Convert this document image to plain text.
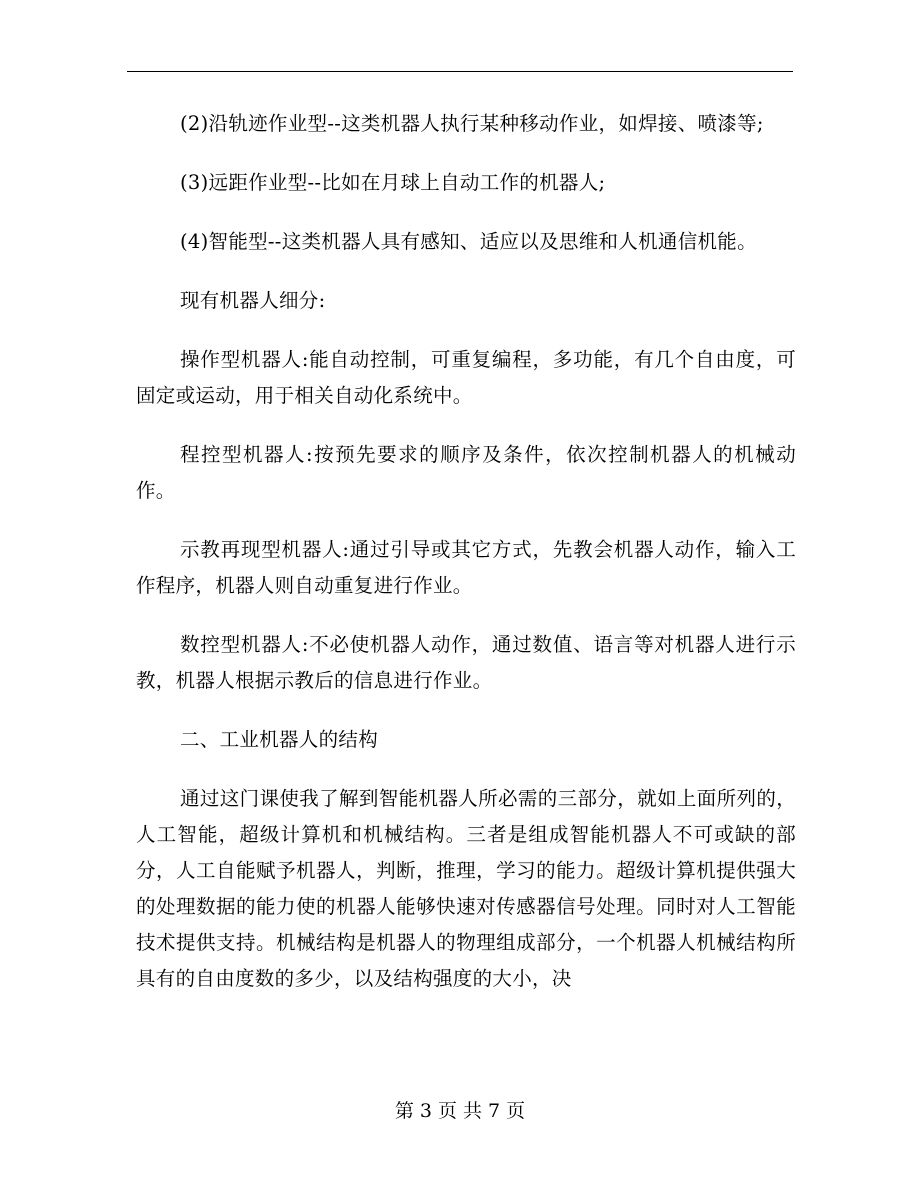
(2)沿轨迹作业型--这类机器人执行某种移动作业，如焊接、喷漆等;

(3)远距作业型--比如在月球上自动工作的机器人;

(4)智能型--这类机器人具有感知、适应以及思维和人机通信机能。

现有机器人细分:

操作型机器人:能自动控制，可重复编程，多功能，有几个自由度，可固定或运动，用于相关自动化系统中。

程控型机器人:按预先要求的顺序及条件，依次控制机器人的机械动作。

示教再现型机器人:通过引导或其它方式，先教会机器人动作，输入工作程序，机器人则自动重复进行作业。

数控型机器人:不必使机器人动作，通过数值、语言等对机器人进行示教，机器人根据示教后的信息进行作业。

二、工业机器人的结构

通过这门课使我了解到智能机器人所必需的三部分，就如上面所列的，人工智能，超级计算机和机械结构。三者是组成智能机器人不可或缺的部分，人工自能赋予机器人，判断，推理，学习的能力。超级计算机提供强大的处理数据的能力使的机器人能够快速对传感器信号处理。同时对人工智能技术提供支持。机械结构是机器人的物理组成部分，一个机器人机械结构所具有的自由度数的多少，以及结构强度的大小，决

第 3 页 共 7 页
